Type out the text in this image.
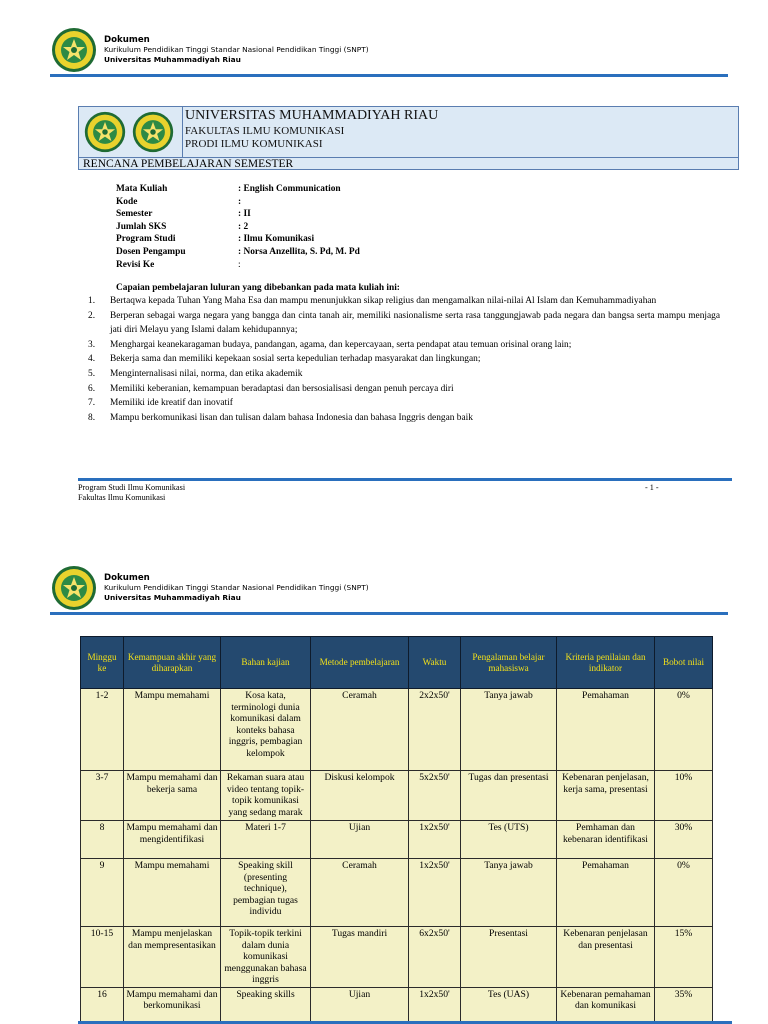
Dokumen
Kurikulum Pendidikan Tinggi Standar Nasional Pendidikan Tinggi (SNPT)
Universitas Muhammadiyah Riau
UNIVERSITAS MUHAMMADIYAH RIAU
FAKULTAS ILMU KOMUNIKASI
PRODI ILMU KOMUNIKASI
RENCANA PEMBELAJARAN SEMESTER
Mata Kuliah	: English Communication
Kode	:
Semester	: II
Jumlah SKS	: 2
Program Studi	: Ilmu Komunikasi
Dosen Pengampu	: Norsa Anzellita, S. Pd, M. Pd
Revisi Ke	:
Capaian pembelajaran luluran yang dibebankan pada mata kuliah ini:
1. Bertaqwa kepada Tuhan Yang Maha Esa dan mampu menunjukkan sikap religius dan mengamalkan nilai-nilai Al Islam dan Kemuhammadiyahan
2. Berperan sebagai warga negara yang bangga dan cinta tanah air, memiliki nasionalisme serta rasa tanggungjawab pada negara dan bangsa serta mampu menjaga jati diri Melayu yang Islami dalam kehidupannya;
3. Menghargai keanekaragaman budaya, pandangan, agama, dan kepercayaan, serta pendapat atau temuan orisinal orang lain;
4. Bekerja sama dan memiliki kepekaan sosial serta kepedulian terhadap masyarakat dan lingkungan;
5. Menginternalisasi nilai, norma, dan etika akademik
6. Memiliki keberanian, kemampuan beradaptasi dan bersosialisasi dengan penuh percaya diri
7. Memiliki ide kreatif dan inovatif
8. Mampu berkomunikasi lisan dan tulisan dalam bahasa Indonesia dan bahasa Inggris dengan baik
Program Studi Ilmu Komunikasi
Fakultas Ilmu Komunikasi
- 1 -
Dokumen
Kurikulum Pendidikan Tinggi Standar Nasional Pendidikan Tinggi (SNPT)
Universitas Muhammadiyah Riau
Minggu ke	Kemampuan akhir yang diharapkan	Bahan kajian	Metode pembelajaran	Waktu	Pengalaman belajar mahasiswa	Kriteria penilaian dan indikator	Bobot nilai
1-2	Mampu memahami	Kosa kata, terminologi dunia komunikasi dalam konteks bahasa inggris, pembagian kelompok	Ceramah	2x2x50'	Tanya jawab	Pemahaman	0%
3-7	Mampu memahami dan bekerja sama	Rekaman suara atau video tentang topik-topik komunikasi yang sedang marak	Diskusi kelompok	5x2x50'	Tugas dan presentasi	Kebenaran penjelasan, kerja sama, presentasi	10%
8	Mampu memahami dan mengidentifikasi	Materi 1-7	Ujian	1x2x50'	Tes (UTS)	Pemhaman dan kebenaran identifikasi	30%
9	Mampu memahami	Speaking skill (presenting technique), pembagian tugas individu	Ceramah	1x2x50'	Tanya jawab	Pemahaman	0%
10-15	Mampu menjelaskan dan mempresentasikan	Topik-topik terkini dalam dunia komunikasi menggunakan bahasa inggris	Tugas mandiri	6x2x50'	Presentasi	Kebenaran penjelasan dan presentasi	15%
16	Mampu memahami dan berkomunikasi	Speaking skills	Ujian	1x2x50'	Tes (UAS)	Kebenaran pemahaman dan komunikasi	35%
